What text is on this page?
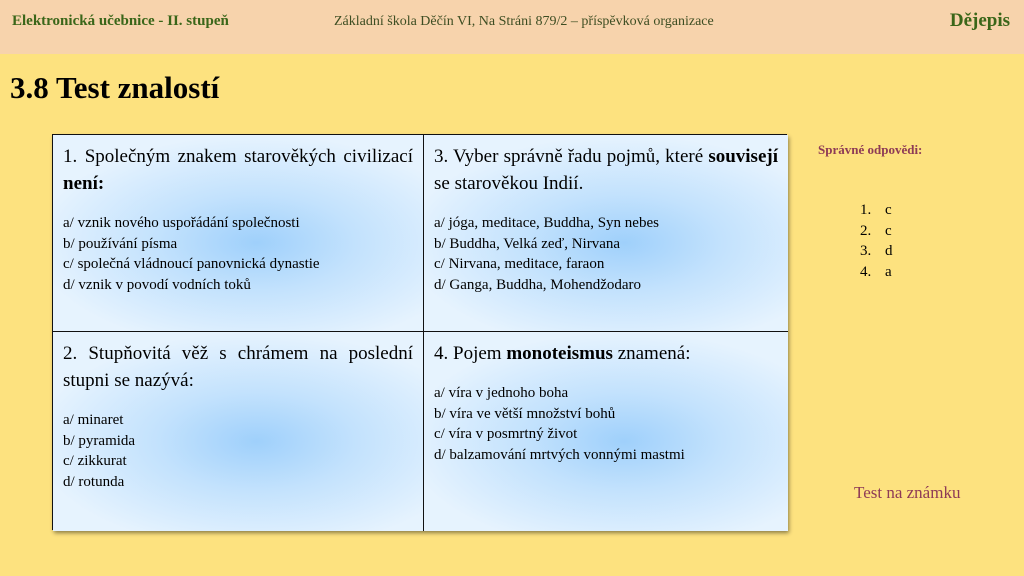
Elektronická učebnice - II. stupeň	Základní škola Děčín VI, Na Stráni 879/2 – příspěvková organizace	Dějepis
3.8 Test znalostí

1. Společným znakem starověkých civilizací není:

a/ vznik nového uspořádání společnosti
b/ používání písma
c/ společná vládnoucí panovnická dynastie
d/ vznik v povodí vodních toků

3. Vyber správně řadu pojmů, které souvisejí se starověkou Indií.

a/ jóga, meditace, Buddha, Syn nebes
b/ Buddha, Velká zeď, Nirvana
c/ Nirvana, meditace, faraon
d/ Ganga, Buddha, Mohendžodaro

2. Stupňovitá věž s chrámem na poslední stupni se nazývá:

a/ minaret
b/ pyramida
c/ zikkurat
d/ rotunda

4. Pojem monoteismus znamená:

a/ víra v jednoho boha
b/ víra ve větší množství bohů
c/ víra v posmrtný život
d/ balzamování mrtvých vonnými mastmi

Správné odpovědi:

1. c
2. c
3. d
4. a
Test na známku
